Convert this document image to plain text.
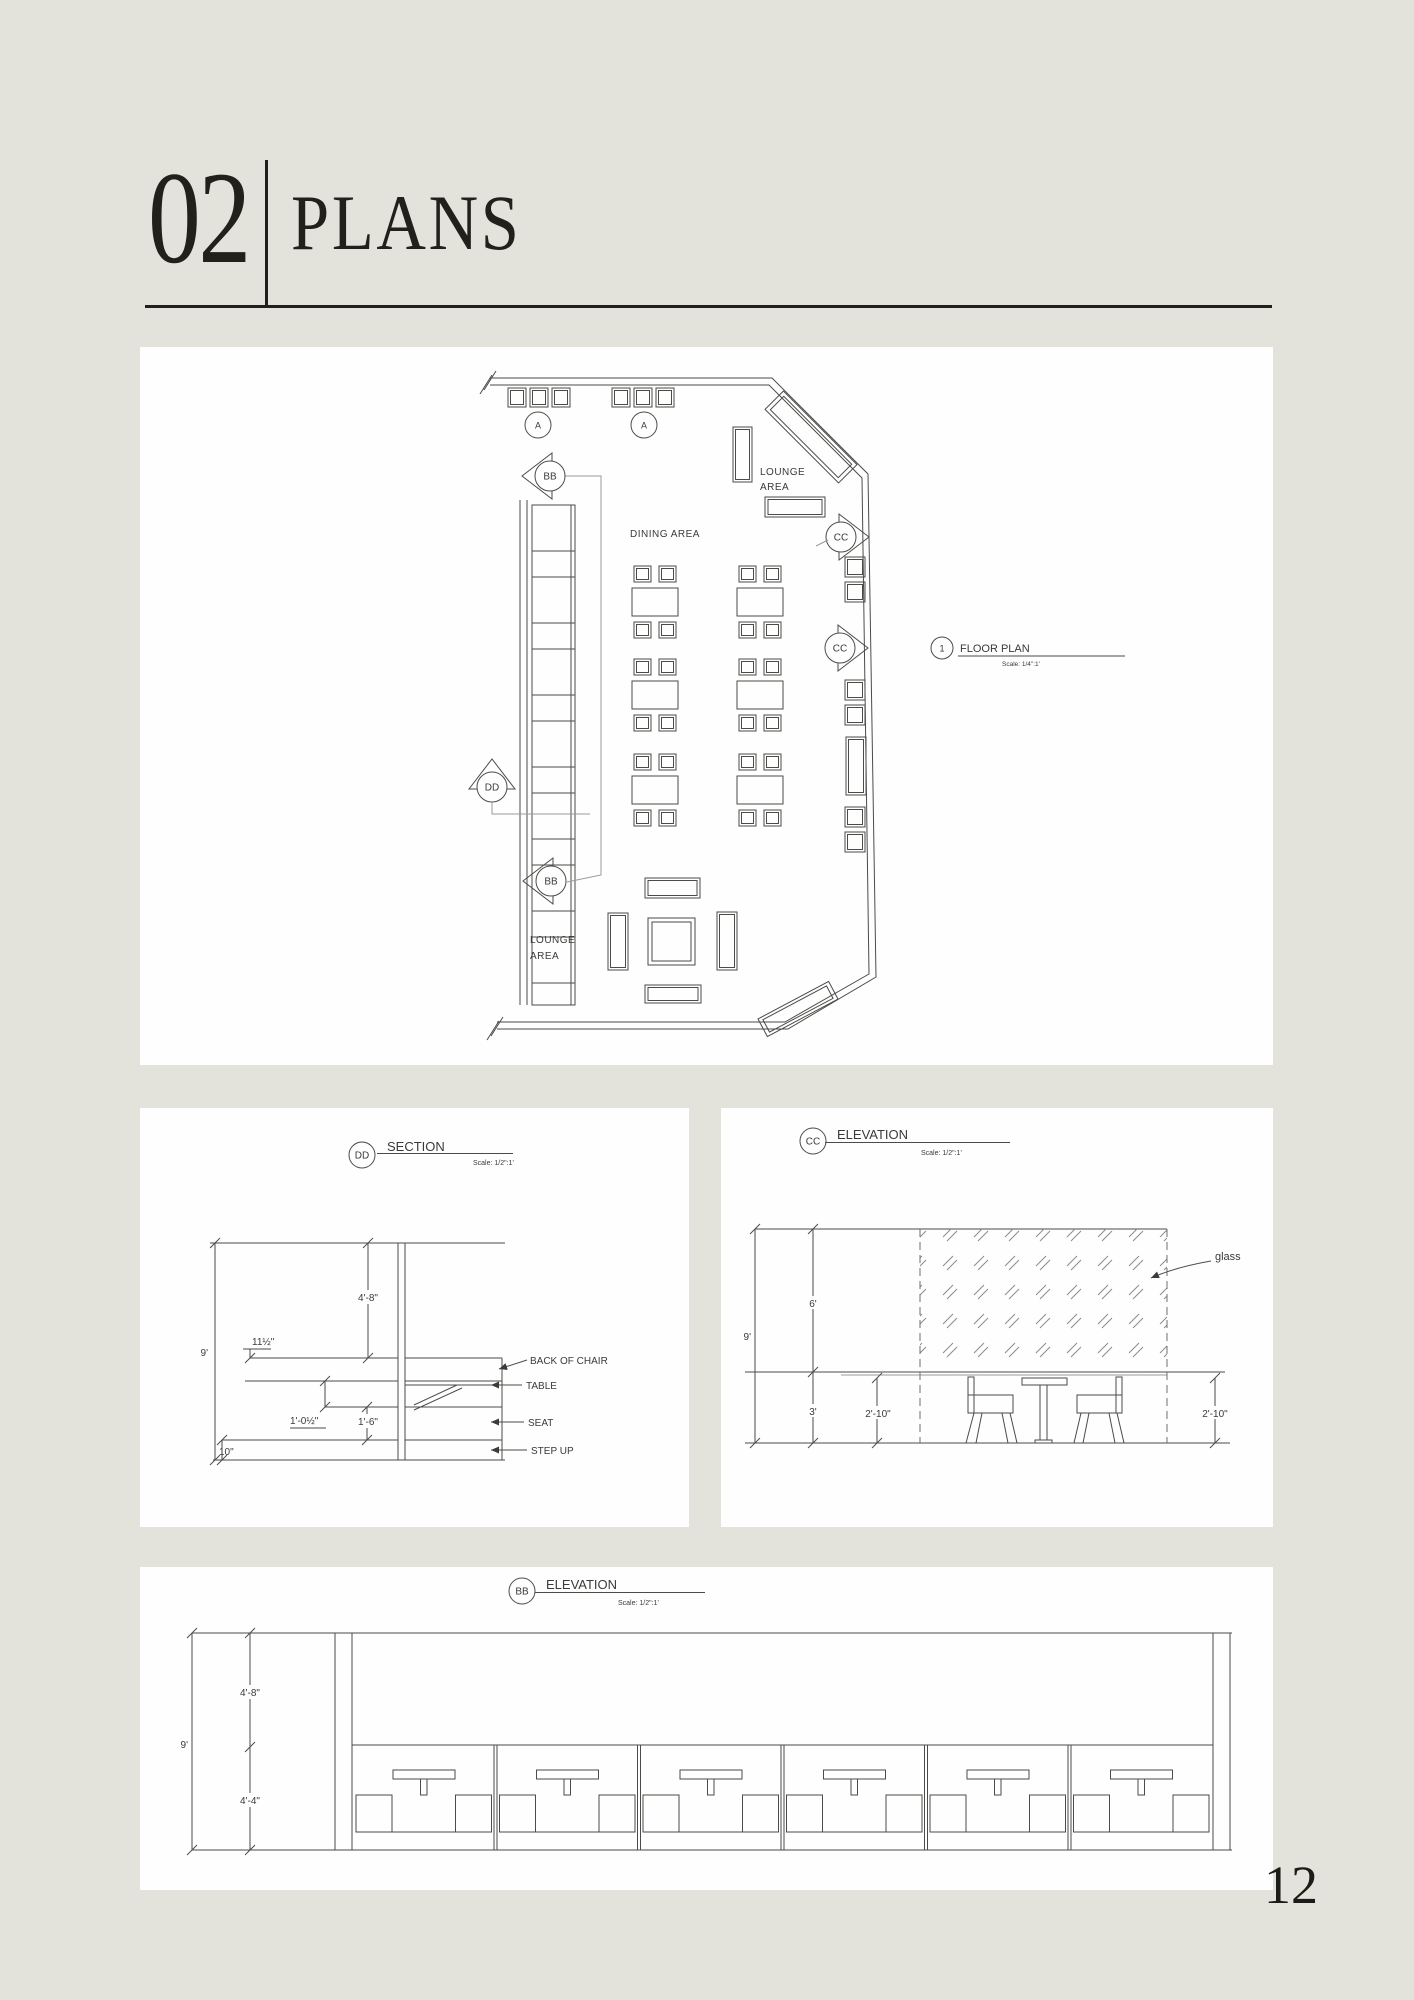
02 PLANS
A	A
BB
BB
DD
CC
CC
DINING AREA
LOUNGE
AREA
LOUNGE
AREA
1 FLOOR PLAN
Scale: 1/4":1'
DD
SECTION
Scale: 1/2":1'
9'
4'-8"
11½"
1'-0½"	1'-6"
10"
BACK OF CHAIR
TABLE
SEAT
STEP UP
CC ELEVATION
Scale: 1/2":1'
9'
6'
3'	2'-10"	2'-10"
glass
BB ELEVATION
Scale: 1/2":1'
9'
4'-8"
4'-4"
12
